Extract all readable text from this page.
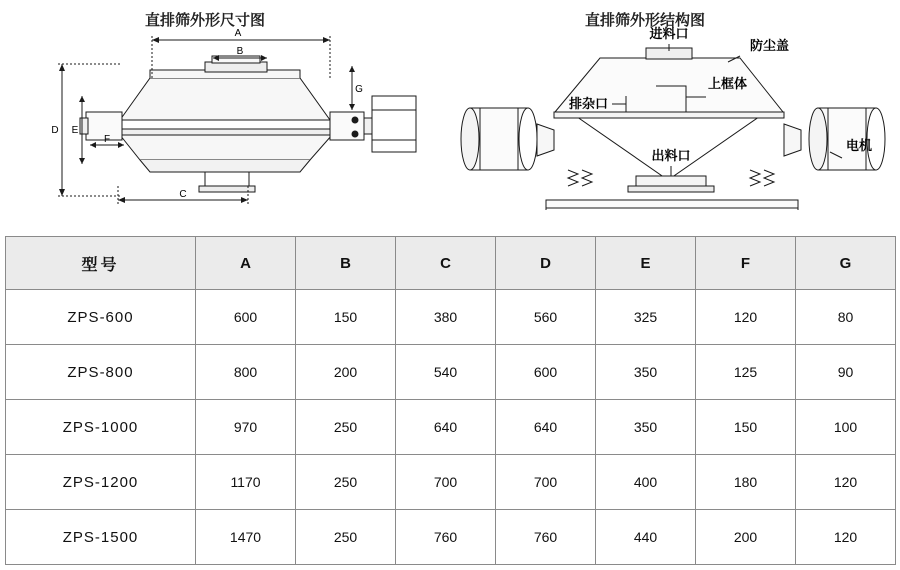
直排筛外形尺寸图	直排筛外形结构图
A
B
C
D E
F
G
进料口
防尘盖
上框体
排杂口
出料口
电机
型号	A	B	C	D	E	F	G
ZPS-600	600	150	380	560	325	120	80
ZPS-800	800	200	540	600	350	125	90
ZPS-1000	970	250	640	640	350	150	100
ZPS-1200	1170	250	700	700	400	180	120
ZPS-1500	1470	250	760	760	440	200	120
